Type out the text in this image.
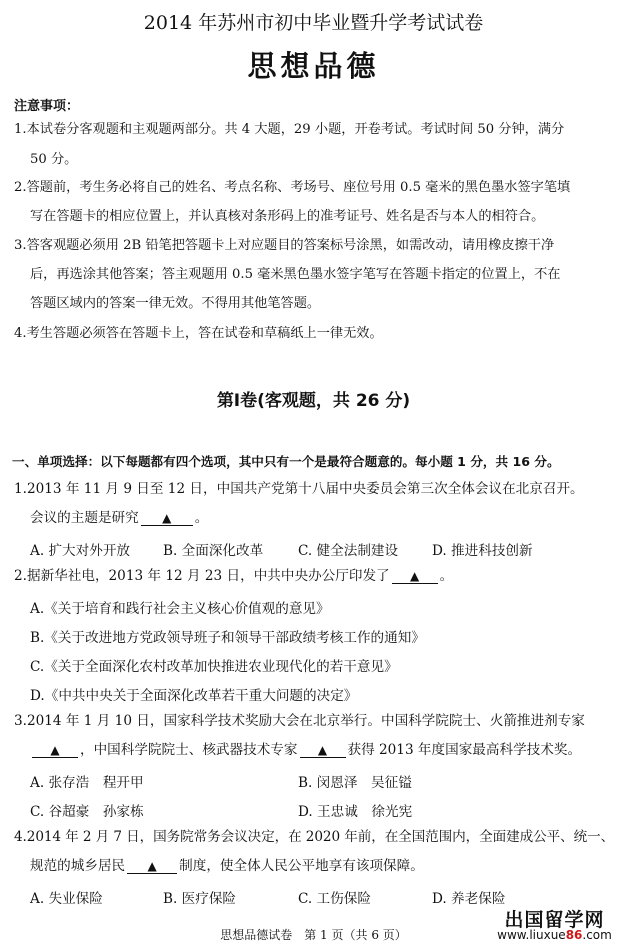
2014 年苏州市初中毕业暨升学考试试卷
思想品德
注意事项：
1.本试卷分客观题和主观题两部分。共 4 大题，29 小题，开卷考试。考试时间 50 分钟，满分
50 分。
2.答题前，考生务必将自己的姓名、考点名称、考场号、座位号用 0.5 毫米的黑色墨水签字笔填
写在答题卡的相应位置上，并认真核对条形码上的准考证号、姓名是否与本人的相符合。
3.答客观题必须用 2B 铅笔把答题卡上对应题目的答案标号涂黑，如需改动，请用橡皮擦干净
后，再选涂其他答案；答主观题用 0.5 毫米黑色墨水签字笔写在答题卡指定的位置上，不在
答题区域内的答案一律无效。不得用其他笔答题。
4.考生答题必须答在答题卡上，答在试卷和草稿纸上一律无效。
第Ⅰ卷(客观题，共 26 分)
一、单项选择：以下每题都有四个选项，其中只有一个是最符合题意的。每小题 1 分，共 16 分。
1.2013 年 11 月 9 日至 12 日，中国共产党第十八届中央委员会第三次全体会议在北京召开。
会议的主题是研究 ▲ 。
A. 扩大对外开放 B. 全面深化改革	C. 健全法制建设 D. 推进科技创新
2.据新华社电，2013 年 12 月 23 日，中共中央办公厅印发了 ▲ 。
A.《关于培育和践行社会主义核心价值观的意见》
B.《关于改进地方党政领导班子和领导干部政绩考核工作的通知》
C.《关于全面深化农村改革加快推进农业现代化的若干意见》
D.《中共中央关于全面深化改革若干重大问题的决定》
3.2014 年 1 月 10 日，国家科学技术奖励大会在北京举行。中国科学院院士、火箭推进剂专家
▲ ，中国科学院院士、核武器技术专家 ▲ 获得 2013 年度国家最高科学技术奖。
A. 张存浩　程开甲	B. 闵恩泽　吴征镒
C. 谷超豪　孙家栋	D. 王忠诚　徐光宪
4.2014 年 2 月 7 日，国务院常务会议决定，在 2020 年前，在全国范围内，全面建成公平、统一、
规范的城乡居民 ▲ 制度，使全体人民公平地享有该项保障。
A. 失业保险	B. 医疗保险	C. 工伤保险	D. 养老保险
思想品德试卷　第 1 页（共 6 页）
出国留学网
www.liuxue86.com
